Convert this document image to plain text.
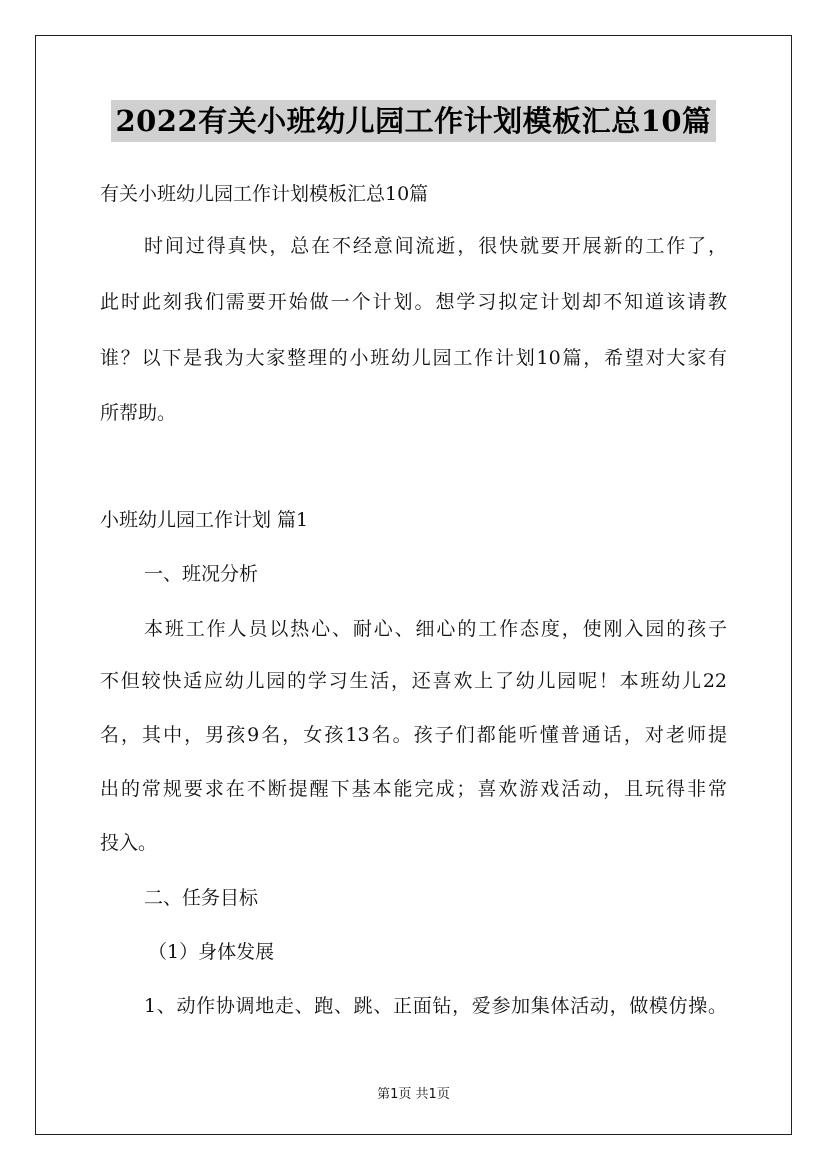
2022有关小班幼儿园工作计划模板汇总10篇
有关小班幼儿园工作计划模板汇总10篇
时间过得真快，总在不经意间流逝，很快就要开展新的工作了，
此时此刻我们需要开始做一个计划。想学习拟定计划却不知道该请教
谁？以下是我为大家整理的小班幼儿园工作计划10篇，希望对大家有
所帮助。
小班幼儿园工作计划 篇1
一、班况分析
本班工作人员以热心、耐心、细心的工作态度，使刚入园的孩子
不但较快适应幼儿园的学习生活，还喜欢上了幼儿园呢！本班幼儿22
名，其中，男孩9名，女孩13名。孩子们都能听懂普通话，对老师提
出的常规要求在不断提醒下基本能完成；喜欢游戏活动，且玩得非常
投入。
二、任务目标
（1）身体发展
1、动作协调地走、跑、跳、正面钻，爱参加集体活动，做模仿操。
第1页 共1页
